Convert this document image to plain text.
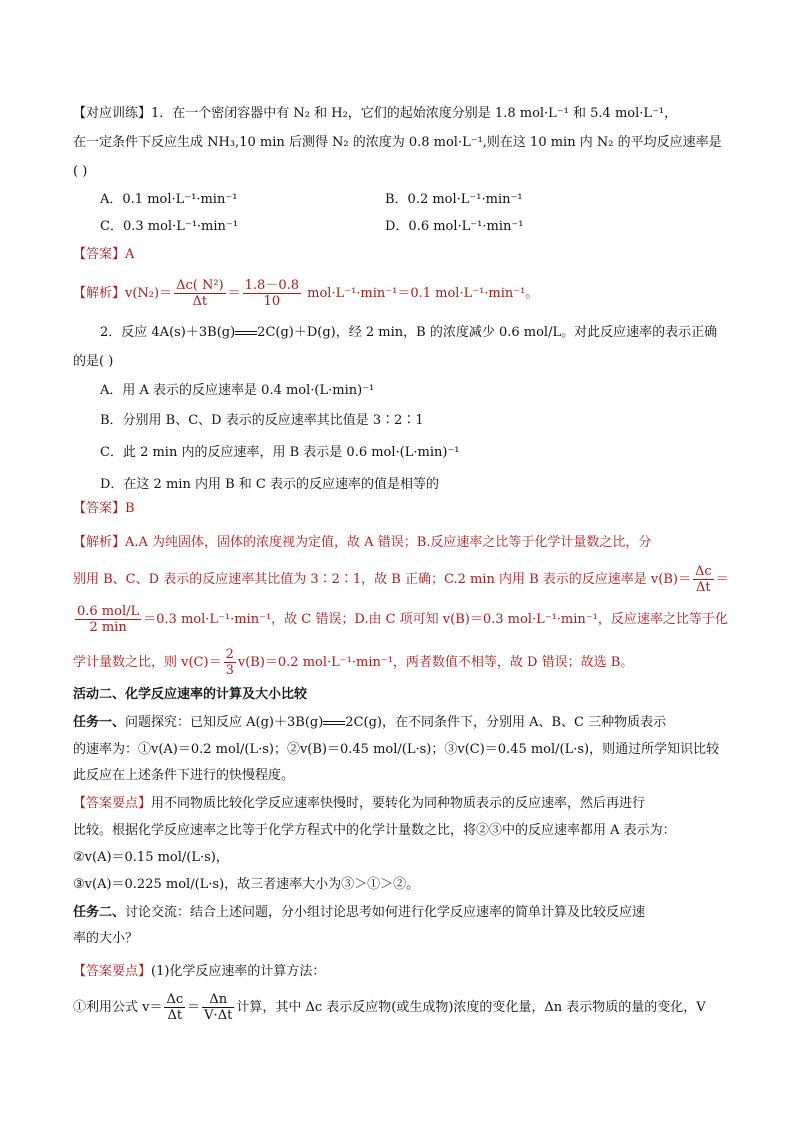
【对应训练】1．在一个密闭容器中有 N₂ 和 H₂，它们的起始浓度分别是 1.8 mol·L⁻¹ 和 5.4 mol·L⁻¹，
在一定条件下反应生成 NH₃,10 min 后测得 N₂ 的浓度为 0.8 mol·L⁻¹,则在这 10 min 内 N₂ 的平均反应速率是
( )
A．0.1 mol·L⁻¹·min⁻¹	B．0.2 mol·L⁻¹·min⁻¹
C．0.3 mol·L⁻¹·min⁻¹	D．0.6 mol·L⁻¹·min⁻¹
【答案】A
【解析】$v(N_2)= \frac{\text{Δc( N²)}}{\Delta t} = \frac{1.8-0.8}{10} mol\cdot L^{-1}\cdot\min^{-1}=0.1$ mol·L⁻¹·min⁻¹。
2．反应 4A(s)＋3B(g) 2C(g)＋D(g)，经 2 min，B 的浓度减少 0.6 mol/L。对此反应速率的表示正确
的是( )
A．用 A 表示的反应速率是 0.4 mol·(L·min)⁻¹
B．分别用 B、C、D 表示的反应速率其比值是 3∶2∶1
C．此 2 min 内的反应速率，用 B 表示是 0.6 mol·(L·min)⁻¹
D．在这 2 min 内用 B 和 C 表示的反应速率的值是相等的
【答案】B
【解析】A.A 为纯固体，固体的浓度视为定值，故 A 错误；B.反应速率之比等于化学计量数之比，分
别用 B、C、D 表示的反应速率其比值为 3∶2∶1，故 B 正确；C.2 min 内用 B 表示的反应速率是 $v(B)= \frac{\Delta c}{\Delta t}$ ＝
$\frac{\text{0.6 mol/L}}{2 \min} =0.3$ mol·L⁻¹·min⁻¹，故 C 错误；D.由 C 项可知 v(B)＝0.3 mol·L⁻¹·min⁻¹，反应速率之比等于化
学计量数之比，则 $v(C)= \frac{2}{3} v(B)=0.2$ mol·L⁻¹·min⁻¹，两者数值不相等，故 D 错误；故选 B。
活动二、化学反应速率的计算及大小比较
任务一、问题探究：已知反应 A(g)＋3B(g) 2C(g)，在不同条件下，分别用 A、B、C 三种物质表示
的速率为：①v(A)＝0.2 mol/(L·s)；②v(B)＝0.45 mol/(L·s)；③v(C)＝0.45 mol/(L·s)，则通过所学知识比较
此反应在上述条件下进行的快慢程度。
【答案要点】用不同物质比较化学反应速率快慢时，要转化为同种物质表示的反应速率，然后再进行
比较。根据化学反应速率之比等于化学方程式中的化学计量数之比，将②③中的反应速率都用 A 表示为：
②v(A)＝0.15 mol/(L·s)，
③v(A)＝0.225 mol/(L·s)，故三者速率大小为③＞①＞②。
任务二、讨论交流：结合上述问题，分小组讨论思考如何进行化学反应速率的简单计算及比较反应速
率的大小？
【答案要点】(1)化学反应速率的计算方法：
①利用公式 $v= \frac{\Delta c}{\Delta t} = \frac{\Delta n}{V\cdot\Delta t}$ 计算，其中 Δc 表示反应物(或生成物)浓度的变化量，Δn 表示物质的量的变化，V
